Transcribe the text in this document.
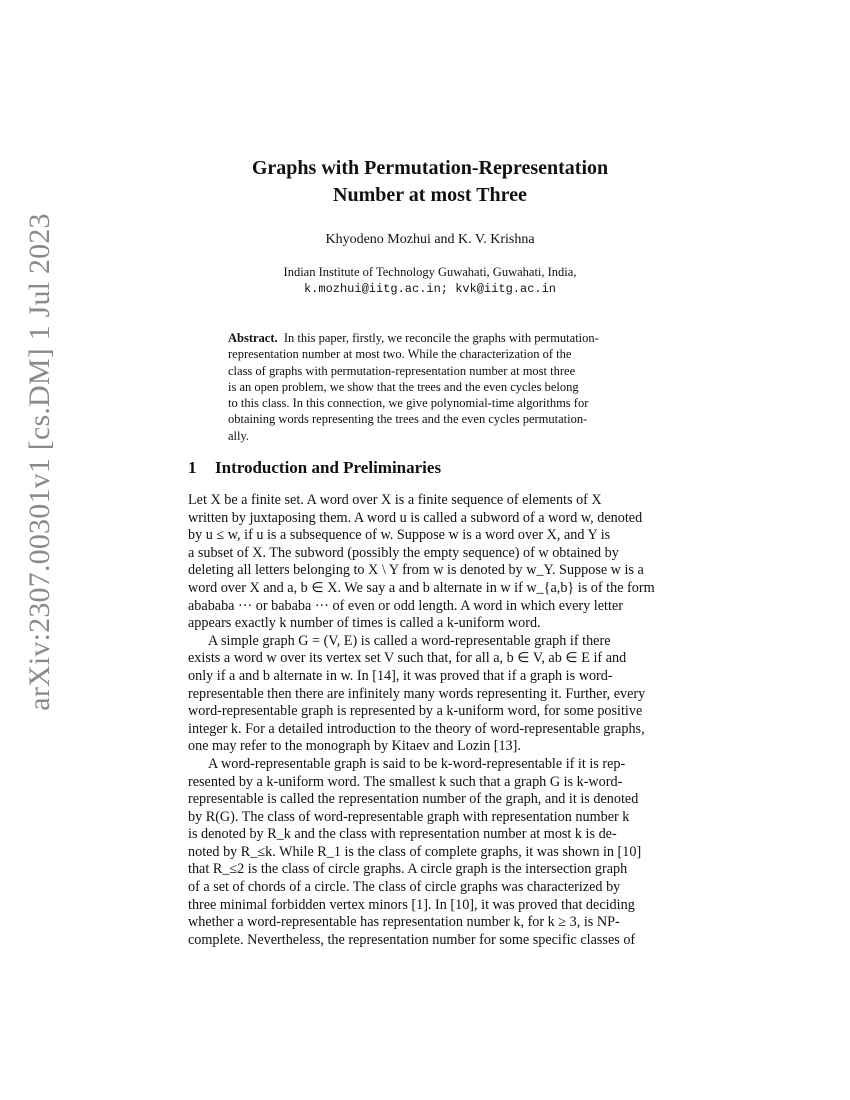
arXiv:2307.00301v1 [cs.DM] 1 Jul 2023
Graphs with Permutation-Representation
Number at most Three
Khyodeno Mozhui and K. V. Krishna
Indian Institute of Technology Guwahati, Guwahati, India,
k.mozhui@iitg.ac.in; kvk@iitg.ac.in
Abstract. In this paper, firstly, we reconcile the graphs with permutation-
representation number at most two. While the characterization of the
class of graphs with permutation-representation number at most three
is an open problem, we show that the trees and the even cycles belong
to this class. In this connection, we give polynomial-time algorithms for
obtaining words representing the trees and the even cycles permutation-
ally.
1 Introduction and Preliminaries
Let X be a finite set. A word over X is a finite sequence of elements of X
written by juxtaposing them. A word u is called a subword of a word w, denoted
by u ≤ w, if u is a subsequence of w. Suppose w is a word over X, and Y is
a subset of X. The subword (possibly the empty sequence) of w obtained by
deleting all letters belonging to X \ Y from w is denoted by w_Y. Suppose w is a
word over X and a, b ∈ X. We say a and b alternate in w if w_{a,b} is of the form
abababa ··· or bababa ··· of even or odd length. A word in which every letter
appears exactly k number of times is called a k-uniform word.
A simple graph G = (V, E) is called a word-representable graph if there
exists a word w over its vertex set V such that, for all a, b ∈ V, ab ∈ E if and
only if a and b alternate in w. In [14], it was proved that if a graph is word-
representable then there are infinitely many words representing it. Further, every
word-representable graph is represented by a k-uniform word, for some positive
integer k. For a detailed introduction to the theory of word-representable graphs,
one may refer to the monograph by Kitaev and Lozin [13].
A word-representable graph is said to be k-word-representable if it is rep-
resented by a k-uniform word. The smallest k such that a graph G is k-word-
representable is called the representation number of the graph, and it is denoted
by R(G). The class of word-representable graph with representation number k
is denoted by R_k and the class with representation number at most k is de-
noted by R_≤k. While R_1 is the class of complete graphs, it was shown in [10]
that R_≤2 is the class of circle graphs. A circle graph is the intersection graph
of a set of chords of a circle. The class of circle graphs was characterized by
three minimal forbidden vertex minors [1]. In [10], it was proved that deciding
whether a word-representable has representation number k, for k ≥ 3, is NP-
complete. Nevertheless, the representation number for some specific classes of
